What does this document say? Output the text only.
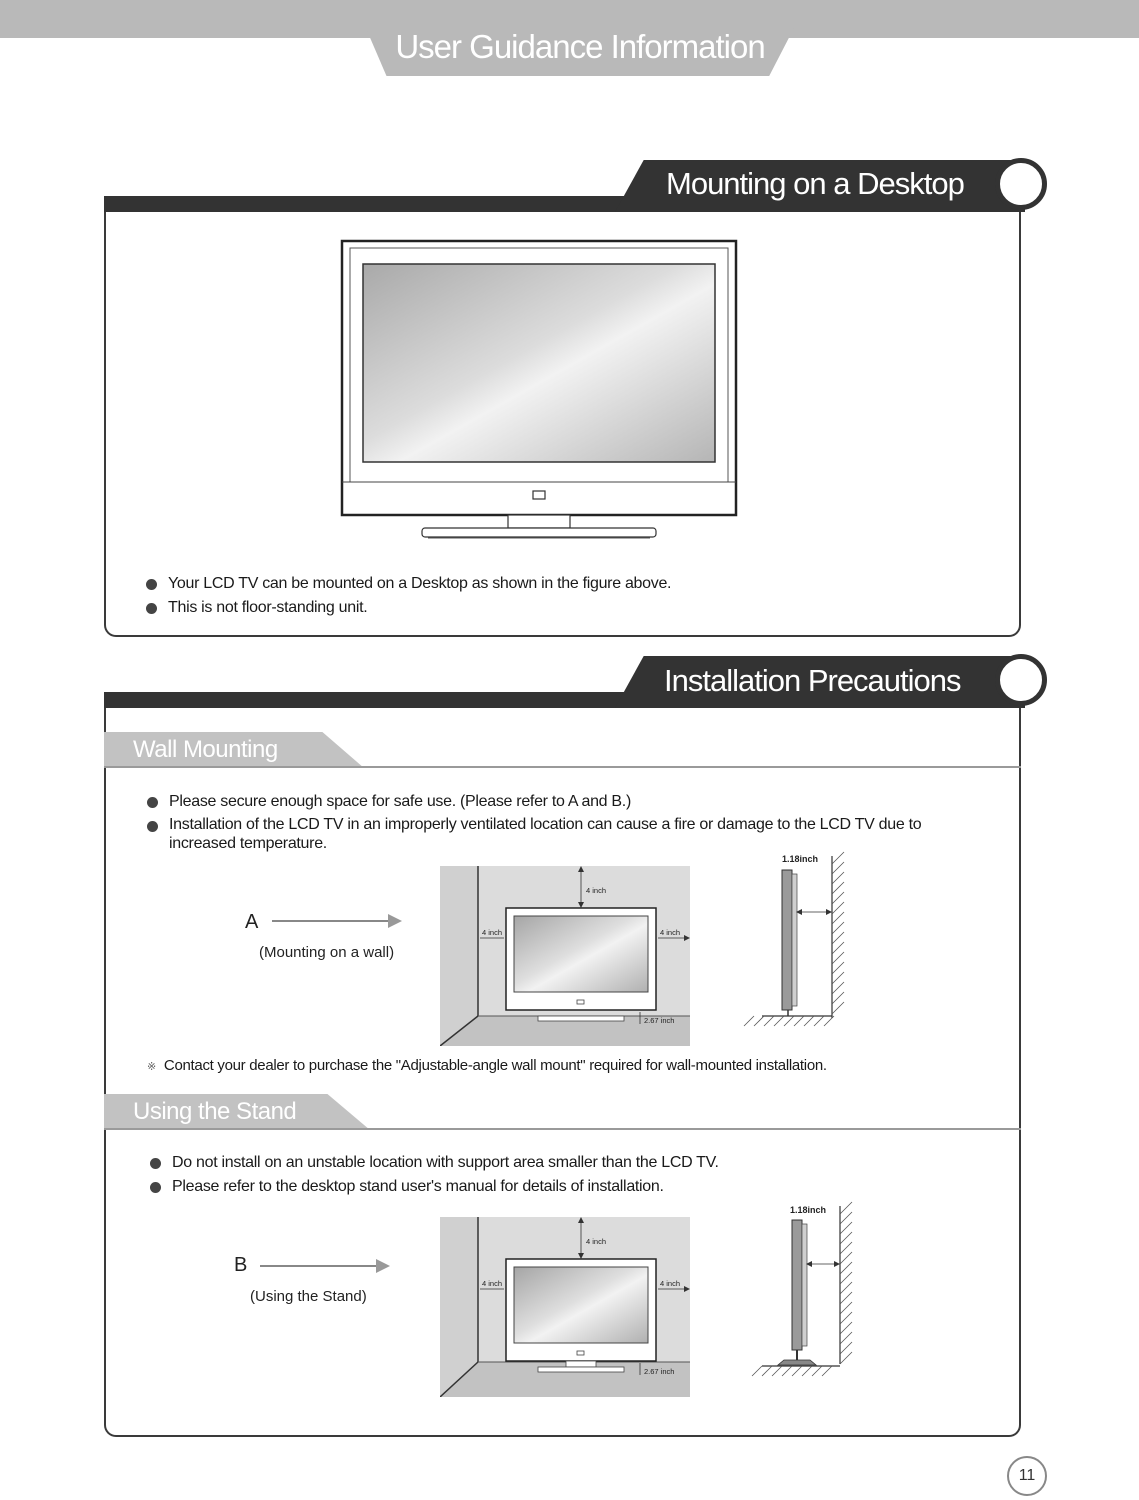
User Guidance Information
Mounting on a Desktop
Your LCD TV can be mounted on a Desktop as shown in the figure above.
This is not floor-standing unit.
Installation Precautions
Wall Mounting
Please secure enough space for safe use. (Please refer to A and B.)
Installation of the LCD TV in an improperly ventilated location can cause a fire or damage to the LCD TV due to increased temperature.
A
(Mounting on a wall)
4 inch
4 inch	4 inch
2.67 inch
1.18inch
※ Contact your dealer to purchase the "Adjustable-angle wall mount" required for wall-mounted installation.
Using the Stand
Do not install on an unstable location with support area smaller than the LCD TV.
Please refer to the desktop stand user's manual for details of installation.
B
(Using the Stand)
4 inch
4 inch	4 inch
2.67 inch
1.18inch
11
